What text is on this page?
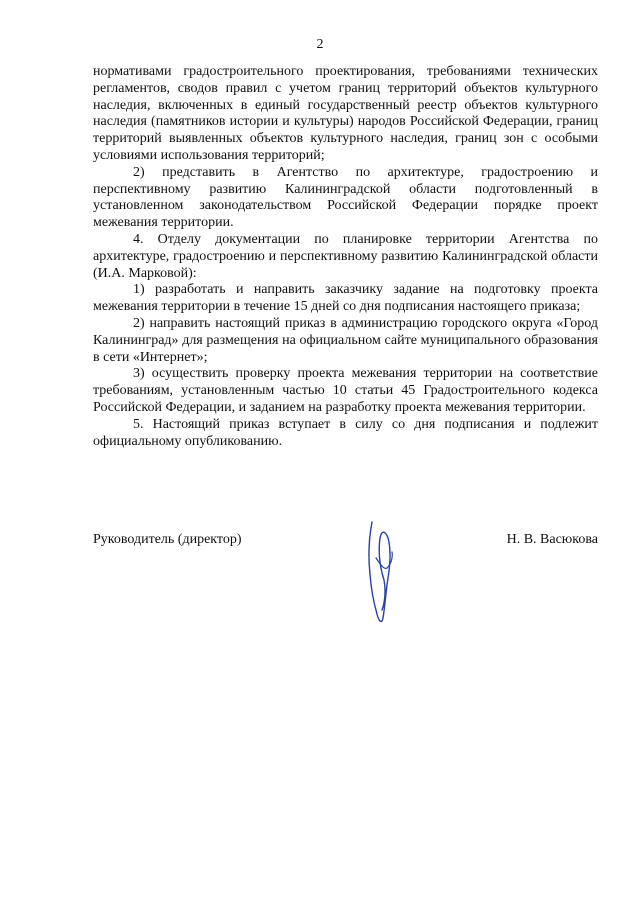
2

нормативами градостроительного проектирования, требованиями технических регламентов, сводов правил с учетом границ территорий объектов культурного наследия, включенных в единый государственный реестр объектов культурного наследия (памятников истории и культуры) народов Российской Федерации, границ территорий выявленных объектов культурного наследия, границ зон с особыми условиями использования территорий;

2) представить в Агентство по архитектуре, градостроению и перспективному развитию Калининградской области подготовленный в установленном законодательством Российской Федерации порядке проект межевания территории.

4. Отделу документации по планировке территории Агентства по архитектуре, градостроению и перспективному развитию Калининградской области (И.А. Марковой):

1) разработать и направить заказчику задание на подготовку проекта межевания территории в течение 15 дней со дня подписания настоящего приказа;

2) направить настоящий приказ в администрацию городского округа «Город Калининград» для размещения на официальном сайте муниципального образования в сети «Интернет»;

3) осуществить проверку проекта межевания территории на соответствие требованиям, установленным частью 10 статьи 45 Градостроительного кодекса Российской Федерации, и заданием на разработку проекта межевания территории.

5. Настоящий приказ вступает в силу со дня подписания и подлежит официальному опубликованию.

Руководитель (директор)	Н. В. Васюкова
